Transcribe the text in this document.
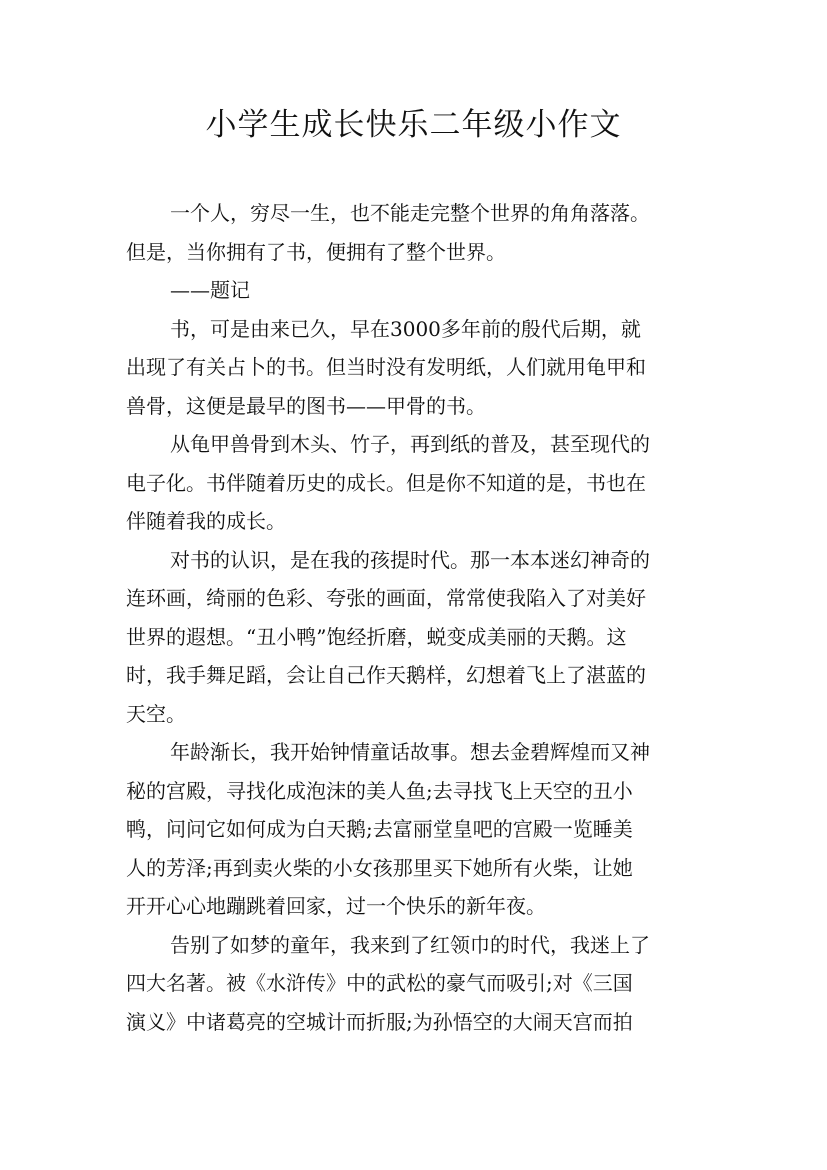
小学生成长快乐二年级小作文
一个人，穷尽一生，也不能走完整个世界的角角落落。
但是，当你拥有了书，便拥有了整个世界。
——题记
书，可是由来已久，早在3000多年前的殷代后期，就
出现了有关占卜的书。但当时没有发明纸，人们就用龟甲和
兽骨，这便是最早的图书——甲骨的书。
从龟甲兽骨到木头、竹子，再到纸的普及，甚至现代的
电子化。书伴随着历史的成长。但是你不知道的是，书也在
伴随着我的成长。
对书的认识，是在我的孩提时代。那一本本迷幻神奇的
连环画，绮丽的色彩、夸张的画面，常常使我陷入了对美好
世界的遐想。“丑小鸭”饱经折磨，蜕变成美丽的天鹅。这
时，我手舞足蹈，会让自己作天鹅样，幻想着飞上了湛蓝的
天空。
年龄渐长，我开始钟情童话故事。想去金碧辉煌而又神
秘的宫殿，寻找化成泡沫的美人鱼;去寻找飞上天空的丑小
鸭，问问它如何成为白天鹅;去富丽堂皇吧的宫殿一览睡美
人的芳泽;再到卖火柴的小女孩那里买下她所有火柴，让她
开开心心地蹦跳着回家，过一个快乐的新年夜。
告别了如梦的童年，我来到了红领巾的时代，我迷上了
四大名著。被《水浒传》中的武松的豪气而吸引;对《三国
演义》中诸葛亮的空城计而折服;为孙悟空的大闹天宫而拍
